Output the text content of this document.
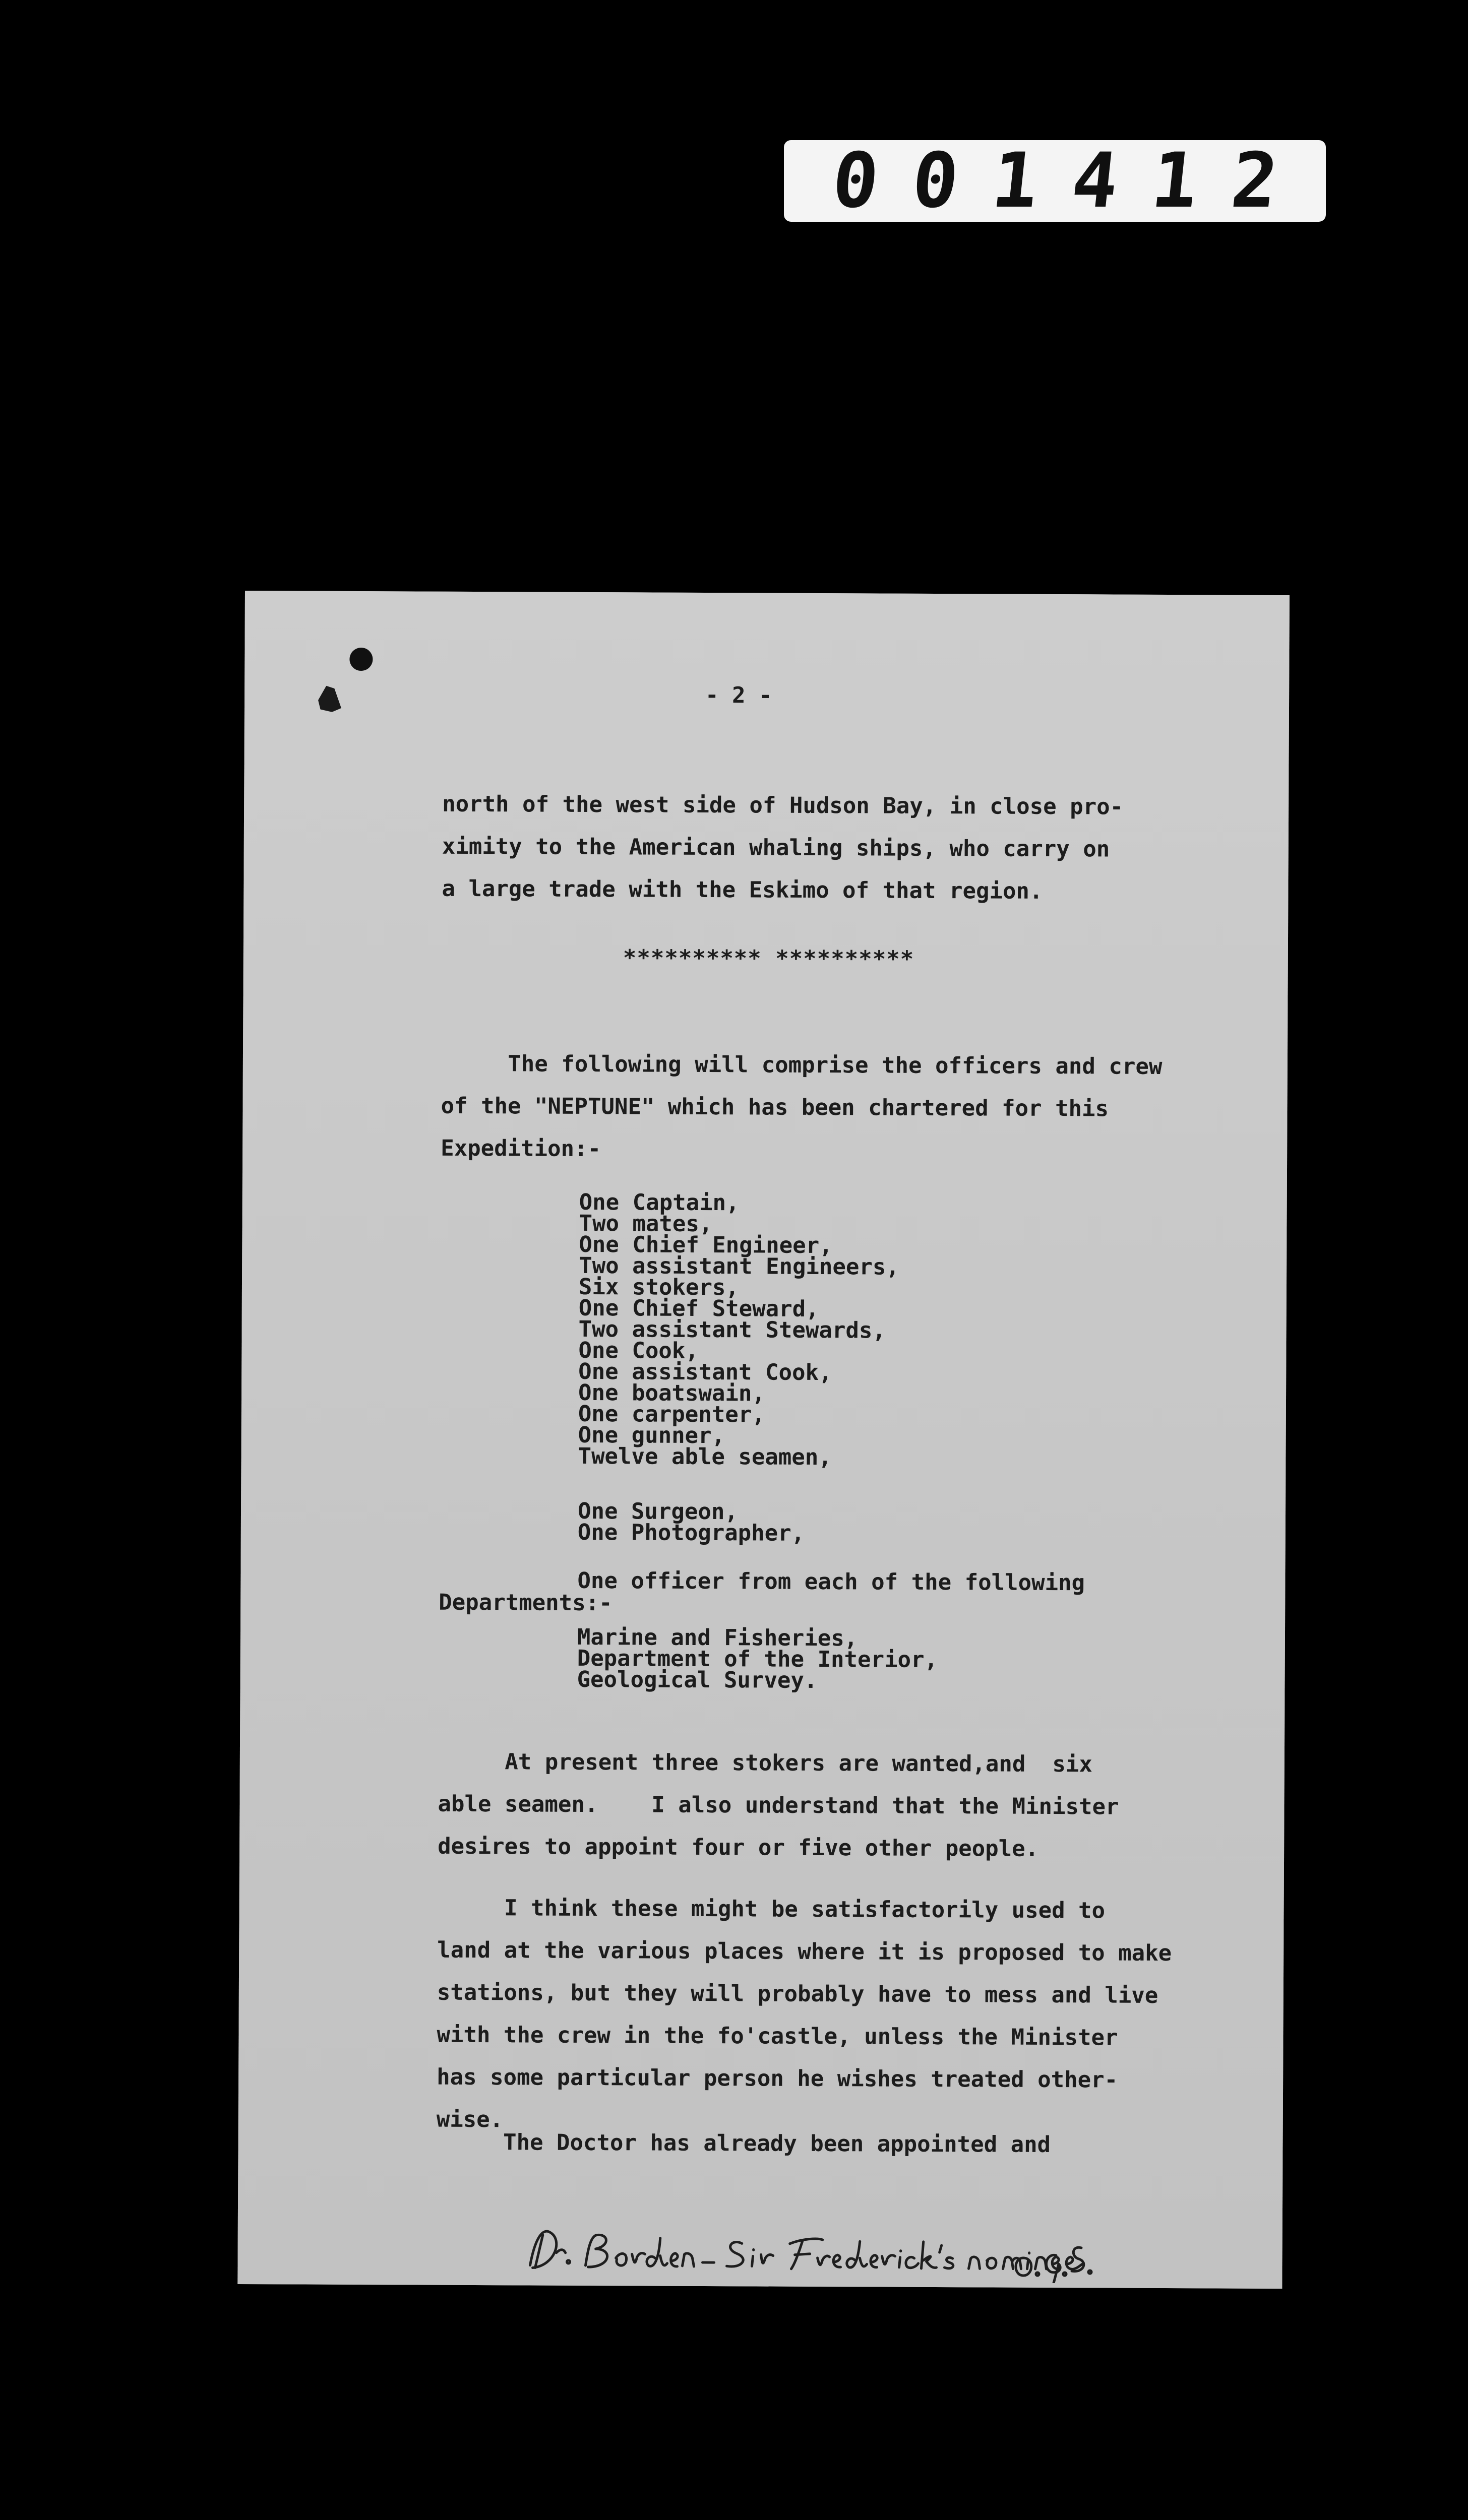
001412
- 2 -
north of the west side of Hudson Bay, in close pro-
ximity to the American whaling ships, who carry on
a large trade with the Eskimo of that region.
********** **********
The following will comprise the officers and crew
of the "NEPTUNE" which has been chartered for this
Expedition:-
One Captain,
Two mates,
One Chief Engineer,
Two assistant Engineers,
Six stokers,
One Chief Steward,
Two assistant Stewards,
One Cook,
One assistant Cook,
One boatswain,
One carpenter,
One gunner,
Twelve able seamen,
One Surgeon,
One Photographer,
One officer from each of the following
Departments:-
Marine and Fisheries,
Department of the Interior,
Geological Survey.
At present three stokers are wanted,and  six
able seamen.    I also understand that the Minister
desires to appoint four or five other people.
I think these might be satisfactorily used to
land at the various places where it is proposed to make
stations, but they will probably have to mess and live
with the crew in the fo'castle, unless the Minister
has some particular person he wishes treated other-
wise.
The Doctor has already been appointed and
